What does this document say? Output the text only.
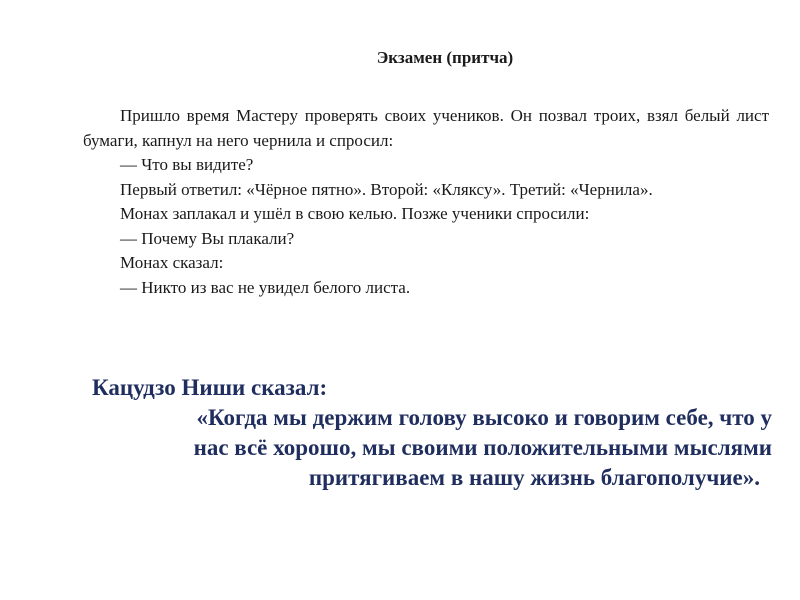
Экзамен (притча)

Пришло время Мастеру проверять своих учеников. Он позвал троих, взял белый лист бумаги, капнул на него чернила и спросил:

— Что вы видите?

Первый ответил: «Чёрное пятно». Второй: «Кляксу». Третий: «Чернила».

Монах заплакал и ушёл в свою келью. Позже ученики спросили:

— Почему Вы плакали?

Монах сказал:

— Никто из вас не увидел белого листа.

Кацудзо Ниши сказал:

«Когда мы держим голову высоко и говорим себе, что у

нас всё хорошо, мы своими положительными мыслями

притягиваем в нашу жизнь благополучие».
